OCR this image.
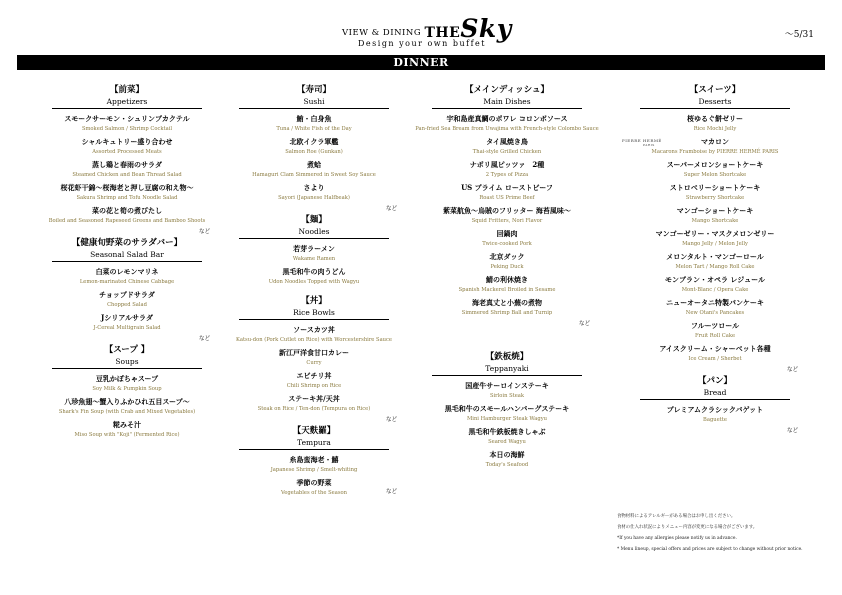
VIEW & DINING THESky
Design your own buffet
～5/31
DINNER
【前菜】
Appetizers
スモークサーモン・シュリンプカクテル
Smoked Salmon / Shrimp Cocktail
シャルキュトリー盛り合わせ
Assorted Processed Meats
蒸し鶏と春雨のサラダ
Steamed Chicken and Bean Thread Salad
桜花虾干錦～桜海老と押し豆腐の和え物～
Sakura Shrimp and Tofu Noodle Salad
菜の花と筍の煮びたし
Boiled and Seasoned Rapeseed Greens and Bamboo Shoots
など
【健康旬野菜のサラダバー】
Seasonal Salad Bar
白菜のレモンマリネ
Lemon-marinated Chinese Cabbage
チョップドサラダ
Chopped Salad
Jシリアルサラダ
J-Cereal Multigrain Salad
など
【スープ 】
Soups
豆乳かぼちゃスープ
Soy Milk & Pumpkin Soup
八珍魚翅～蟹入りふかひれ五目スープ～
Shark's Fin Soup (with Crab and Mixed Vegetables)
糀みそ汁
Miso Soup with "Koji" (Fermented Rice)
【寿司】
Sushi
鮪・白身魚
Tuna / White Fish of the Day
北欧イクラ軍艦
Salmon Roe (Gunkan)
煮蛤
Hamaguri Clam Simmered in Sweet Soy Sauce
さより
Sayori (Japanese Halfbeak)
など
【麺】
Noodles
若芽ラーメン
Wakame Ramen
黒毛和牛の肉うどん
Udon Noodles Topped with Wagyu
【丼】
Rice Bowls
ソースカツ丼
Katsu-don (Pork Cutlet on Rice) with Worcestershire Sauce
新江戸洋食甘口カレー
Curry
エビチリ丼
Chili Shrimp on Rice
ステーキ丼/天丼
Steak on Rice / Ten-don (Tempura on Rice)
など
【天麩羅】
Tempura
糸島蛮海老・鱚
Japanese Shrimp / Smelt-whiting
季節の野菜
Vegetables of the Season	など
【メインディッシュ】
Main Dishes
宇和島産真鯛のポワレ コロンボソース
Pan-fried Sea Bream from Uwajima with French-style Colombo Sauce
タイ風焼き鳥
Thai-style Grilled Chicken
ナポリ風ピッツァ　2種
2 Types of Pizza
US プライム ローストビーフ
Roast US Prime Beef
紫菜航魚～烏賊のフリッター 海苔風味～
Squid Fritters, Nori Flavor
回鍋肉
Twice-cooked Pork
北京ダック
Peking Duck
鯖の利休焼き
Spanish Mackerel Broiled in Sesame
海老真丈と小蕪の煮物
Simmered Shrimp Ball and Turnip
など
【鉄板焼】
Teppanyaki
国産牛サーロインステーキ
Sirloin Steak
黒毛和牛のスモールハンバーグステーキ
Mini Hamburger Steak Wagyu
黒毛和牛鉄板焼きしゃぶ
Seared Wagyu
本日の海鮮
Today's Seafood
【スイーツ】
Desserts
桜ゆるぐ餅ゼリー
Rice Mochi Jelly
PIERRE HERMÉ
PARIS	マカロン
Macarons Framboise by PIERRE HERMÉ PARIS
スーパーメロンショートケーキ
Super Melon Shortcake
ストロベリーショートケーキ
Strawberry Shortcake
マンゴーショートケーキ
Mango Shortcake
マンゴーゼリー・マスクメロンゼリー
Mango Jelly / Melon Jelly
メロンタルト・マンゴーロール
Melon Tart / Mango Roll Cake
モンブラン・オペラ レジュール
Mont-Blanc / Opera Cake
ニューオータニ特製パンケーキ
New Otani's Pancakes
フルーツロール
Fruit Roll Cake
アイスクリーム・シャーベット各種
Ice Cream / Sherbet
など
【パン】
Bread
プレミアムクラシックバゲット
Baguette
など
食物材料によるアレルギーがある場合はお申し出ください。
食材の仕入れ状況によりメニュー内容が変更になる場合がございます。
*If you have any allergies please notify us in advance.
* Menu lineup, special offers and prices are subject to change without prior notice.
